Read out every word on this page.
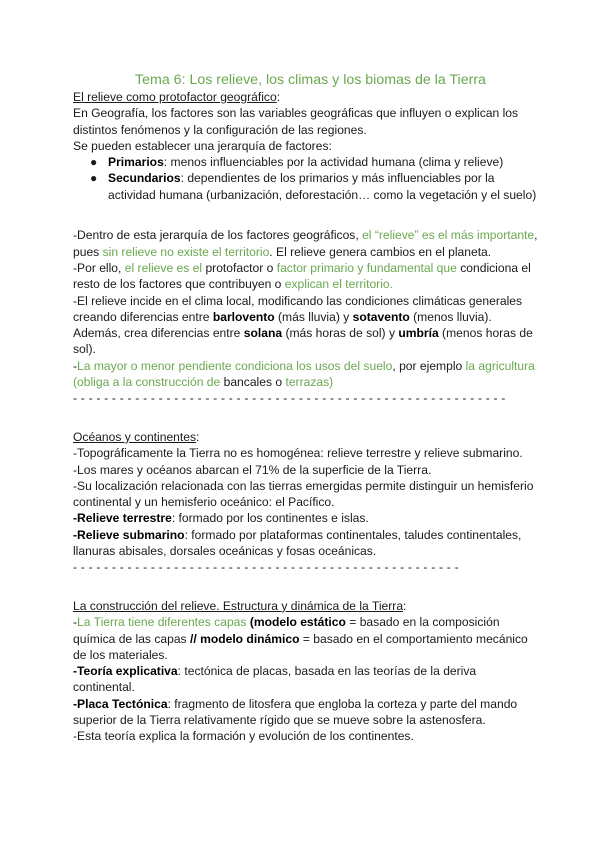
Tema 6: Los relieve, los climas y los biomas de la Tierra

El relieve como protofactor geográfico:

En Geografía, los factores son las variables geográficas que influyen o explican los distintos fenómenos y la configuración de las regiones.

Se pueden establecer una jerarquía de factores:

● Primarios: menos influenciables por la actividad humana (clima y relieve)
● Secundarios: dependientes de los primarios y más influenciables por la actividad humana (urbanización, deforestación… como la vegetación y el suelo)

-Dentro de esta jerarquía de los factores geográficos, el “relieve” es el más importante, pues sin relieve no existe el territorio. El relieve genera cambios en el planeta.

-Por ello, el relieve es el protofactor o factor primario y fundamental que condiciona el resto de los factores que contribuyen o explican el territorio.

-El relieve incide en el clima local, modificando las condiciones climáticas generales creando diferencias entre barlovento (más lluvia) y sotavento (menos lluvia). Además, crea diferencias entre solana (más horas de sol) y umbría (menos horas de sol).

-La mayor o menor pendiente condiciona los usos del suelo, por ejemplo la agricultura (obliga a la construcción de bancales o terrazas)

- - - - - - - - - - - - - - - - - - - - - - - - - - - - - - - - - - - - - - - - - - - - - - - - - - - - - - - -

Océanos y continentes:

-Topográficamente la Tierra no es homogénea: relieve terrestre y relieve submarino.

-Los mares y océanos abarcan el 71% de la superficie de la Tierra.

-Su localización relacionada con las tierras emergidas permite distinguir un hemisferio continental y un hemisferio oceánico: el Pacífico.

-Relieve terrestre: formado por los continentes e islas.

-Relieve submarino: formado por plataformas continentales, taludes continentales, llanuras abisales, dorsales oceánicas y fosas oceánicas.

- - - - - - - - - - - - - - - - - - - - - - - - - - - - - - - - - - - - - - - - - - - - - - - - - -

La construcción del relieve. Estructura y dinámica de la Tierra:

-La Tierra tiene diferentes capas (modelo estático = basado en la composición química de las capas // modelo dinámico = basado en el comportamiento mecánico de los materiales.

-Teoría explicativa: tectónica de placas, basada en las teorías de la deriva continental.

-Placa Tectónica: fragmento de litosfera que engloba la corteza y parte del mando superior de la Tierra relativamente rígido que se mueve sobre la astenosfera.

-Esta teoría explica la formación y evolución de los continentes.
